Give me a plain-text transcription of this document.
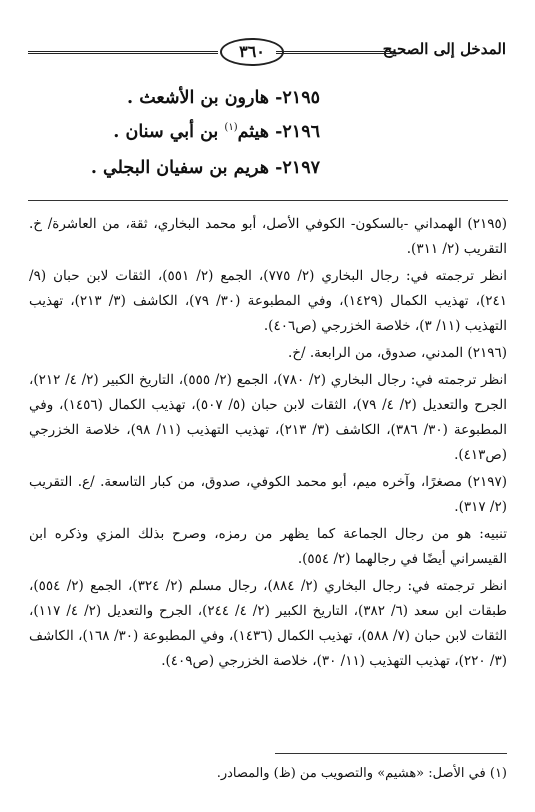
المدخل إلى الصحيح
٣٦٠
٢١٩٥- هارون بن الأشعث .
٢١٩٦- هيثم$^{(١)}$ بن أبي سنان .
٢١٩٧- هريم بن سفيان البجلي .

(٢١٩٥) الهمداني -بالسكون- الكوفي الأصل، أبو محمد البخاري، ثقة، من العاشرة/ خ. التقريب (٢/ ٣١١).

انظر ترجمته في: رجال البخاري (٢/ ٧٧٥)، الجمع (٢/ ٥٥١)، الثقات لابن حبان (٩/ ٢٤١)، تهذيب الكمال (١٤٢٩)، وفي المطبوعة (٣٠/ ٧٩)، الكاشف (٣/ ٢١٣)، تهذيب التهذيب (١١/ ٣)، خلاصة الخزرجي (ص٤٠٦).

(٢١٩٦) المدني، صدوق، من الرابعة. /خ.

انظر ترجمته في: رجال البخاري (٢/ ٧٨٠)، الجمع (٢/ ٥٥٥)، التاريخ الكبير (٢/ ٤/ ٢١٢)، الجرح والتعديل (٢/ ٤/ ٧٩)، الثقات لابن حبان (٥/ ٥٠٧)، تهذيب الكمال (١٤٥٦)، وفي المطبوعة (٣٠/ ٣٨٦)، الكاشف (٣/ ٢١٣)، تهذيب التهذيب (١١/ ٩٨)، خلاصة الخزرجي (ص٤١٣).

(٢١٩٧) مصغرًا، وآخره ميم، أبو محمد الكوفي، صدوق، من كبار التاسعة. /ع. التقريب (٢/ ٣١٧).

تنبيه: هو من رجال الجماعة كما يظهر من رمزه، وصرح بذلك المزي وذكره ابن القيسراني أيضًا في رجالهما (٢/ ٥٥٤).

انظر ترجمته في: رجال البخاري (٢/ ٨٨٤)، رجال مسلم (٢/ ٣٢٤)، الجمع (٢/ ٥٥٤)، طبقات ابن سعد (٦/ ٣٨٢)، التاريخ الكبير (٢/ ٤/ ٢٤٤)، الجرح والتعديل (٢/ ٤/ ١١٧)، الثقات لابن حبان (٧/ ٥٨٨)، تهذيب الكمال (١٤٣٦)، وفي المطبوعة (٣٠/ ١٦٨)، الكاشف (٣/ ٢٢٠)، تهذيب التهذيب (١١/ ٣٠)، خلاصة الخزرجي (ص٤٠٩).

(١) في الأصل: «هشيم» والتصويب من (ظ) والمصادر.
